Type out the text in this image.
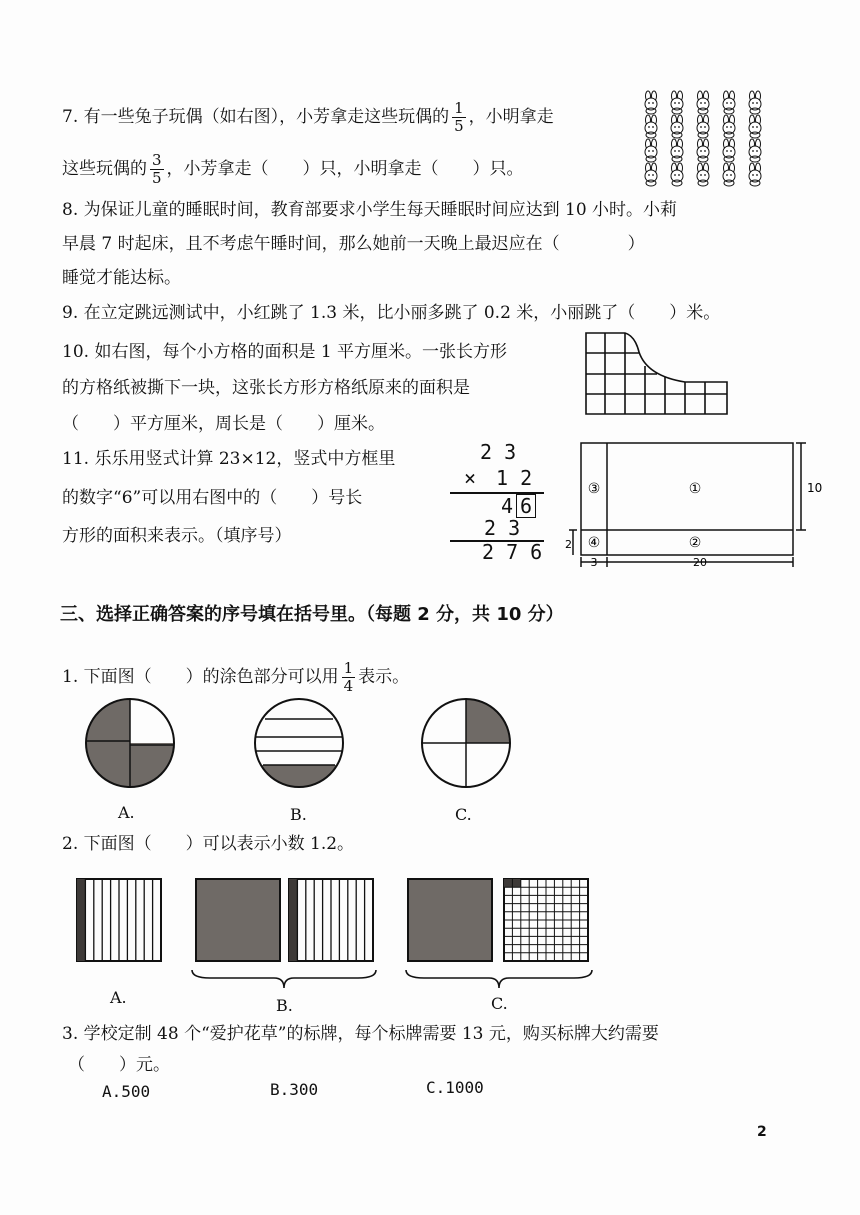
7. 有一些兔子玩偶（如右图），小芳拿走这些玩偶的 $\frac{1}{5}$ ，小明拿走
这些玩偶的 $\frac{3}{5}$ ，小芳拿走（　　）只，小明拿走（　　）只。
8. 为保证儿童的睡眠时间，教育部要求小学生每天睡眠时间应达到 10 小时。小莉
早晨 7 时起床，且不考虑午睡时间，那么她前一天晚上最迟应在（　　　　）
睡觉才能达标。
9. 在立定跳远测试中，小红跳了 1.3 米，比小丽多跳了 0.2 米，小丽跳了（　　）米。
10. 如右图，每个小方格的面积是 1 平方厘米。一张长方形
的方格纸被撕下一块，这张长方形方格纸原来的面积是
（　　）平方厘米，周长是（　　）厘米。
11. 乐乐用竖式计算 23×12，竖式中方框里
的数字“6”可以用右图中的（　　）号长
方形的面积来表示。（填序号）
2 3
× 1 2
4 6
2 3
2 7 6
①
②
③
④
10
2
3	20
三、选择正确答案的序号填在括号里。（每题 2 分，共 10 分）
1. 下面图（　　）的涂色部分可以用 $\frac{1}{4}$ 表示。
A.	B.	C.
2. 下面图（　　）可以表示小数 1.2。
A.	B.	C.
3. 学校定制 48 个“爱护花草”的标牌，每个标牌需要 13 元，购买标牌大约需要
（　　）元。
A.500	B.300	C.1000
2
